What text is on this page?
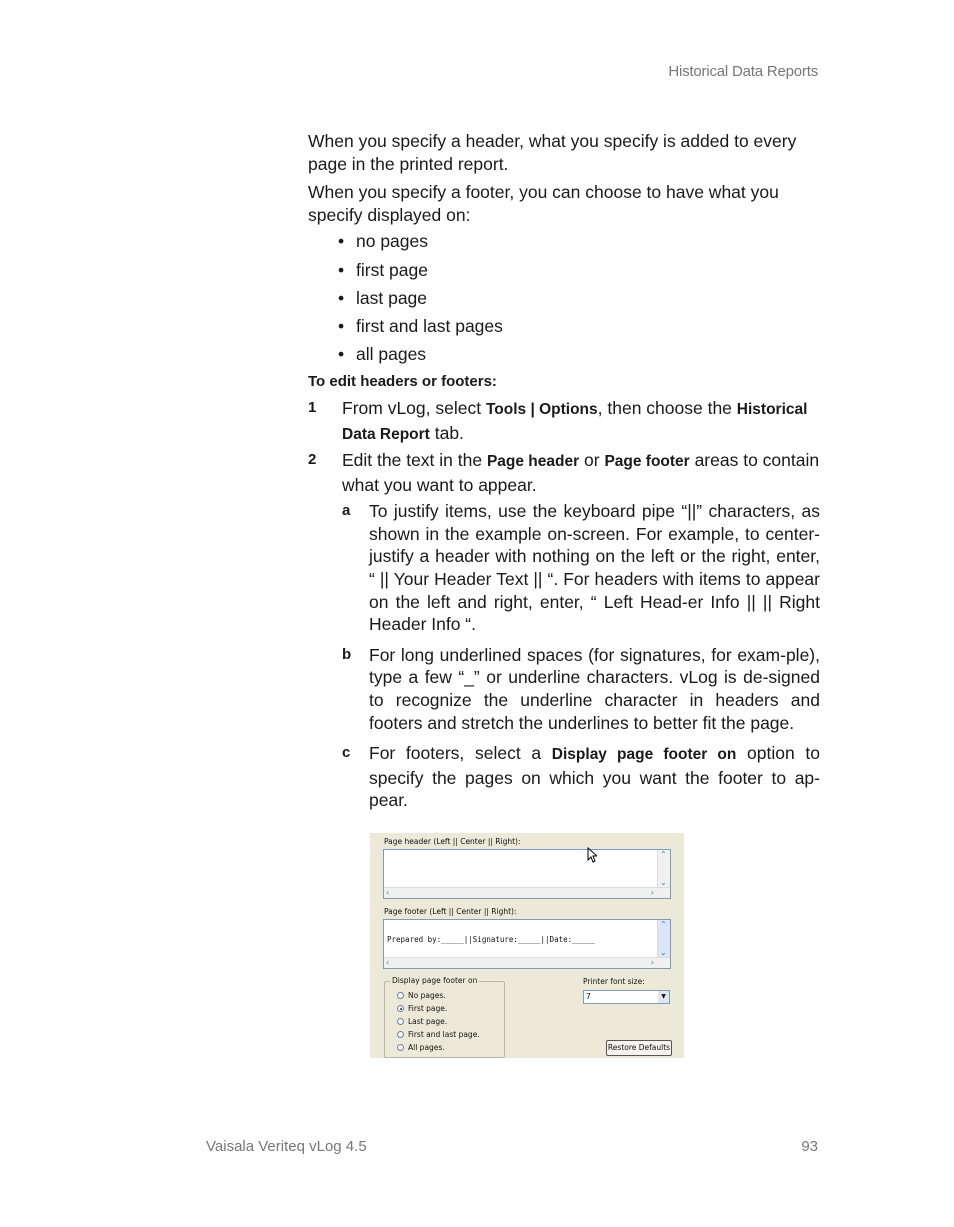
Historical Data Reports

When you specify a header, what you specify is added to every page in the printed report.

When you specify a footer, you can choose to have what you specify displayed on:

• no pages
• first page
• last page
• first and last pages
• all pages
To edit headers or footers:
1	From vLog, select Tools | Options, then choose the Historical Data Report tab.
2	Edit the text in the Page header or Page footer areas to contain what you want to appear.
a	To justify items, use the keyboard pipe “||” characters, as shown in the example on-screen. For example, to center-justify a header with nothing on the left or the right, enter, “ || Your Header Text || “. For headers with items to appear on the left and right, enter, “ Left Head-er Info || || Right Header Info “.
b	For long underlined spaces (for signatures, for exam-ple), type a few “_” or underline characters. vLog is de-signed to recognize the underline character in headers and footers and stretch the underlines to better fit the page.
c	For footers, select a Display page footer on option to specify the pages on which you want the footer to ap-pear.
Page header (Left || Center || Right):
⌃
⌄
‹	›
Page footer (Left || Center || Right):
Prepared by:_____||Signature:_____||Date:_____
⌃
⌄
‹	›
Display page footer on
No pages.
First page.
Last page.
First and last page.
All pages.
Printer font size:
7	▼
Restore Defaults
Vaisala Veriteq vLog 4.5	93
